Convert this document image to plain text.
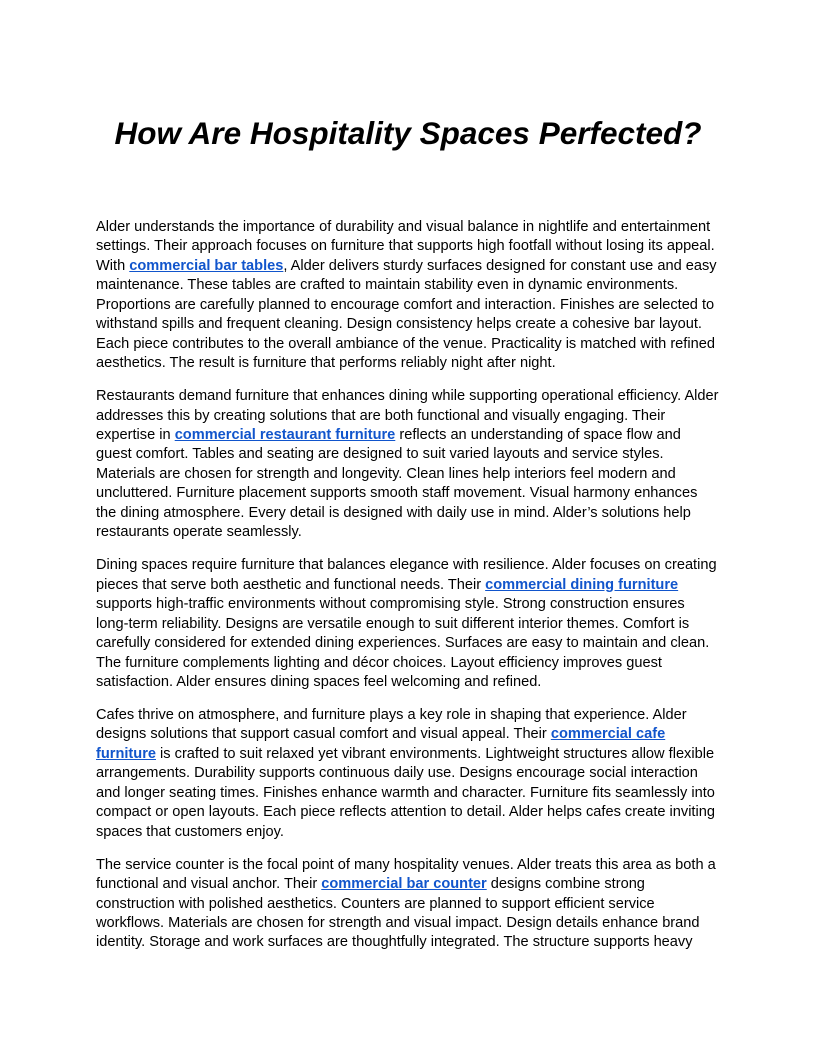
How Are Hospitality Spaces Perfected?

Alder understands the importance of durability and visual balance in nightlife and entertainment settings. Their approach focuses on furniture that supports high footfall without losing its appeal. With commercial bar tables, Alder delivers sturdy surfaces designed for constant use and easy maintenance. These tables are crafted to maintain stability even in dynamic environments. Proportions are carefully planned to encourage comfort and interaction. Finishes are selected to withstand spills and frequent cleaning. Design consistency helps create a cohesive bar layout. Each piece contributes to the overall ambiance of the venue. Practicality is matched with refined aesthetics. The result is furniture that performs reliably night after night.

Restaurants demand furniture that enhances dining while supporting operational efficiency. Alder addresses this by creating solutions that are both functional and visually engaging. Their expertise in commercial restaurant furniture reflects an understanding of space flow and guest comfort. Tables and seating are designed to suit varied layouts and service styles. Materials are chosen for strength and longevity. Clean lines help interiors feel modern and uncluttered. Furniture placement supports smooth staff movement. Visual harmony enhances the dining atmosphere. Every detail is designed with daily use in mind. Alder’s solutions help restaurants operate seamlessly.

Dining spaces require furniture that balances elegance with resilience. Alder focuses on creating pieces that serve both aesthetic and functional needs. Their commercial dining furniture supports high-traffic environments without compromising style. Strong construction ensures long-term reliability. Designs are versatile enough to suit different interior themes. Comfort is carefully considered for extended dining experiences. Surfaces are easy to maintain and clean. The furniture complements lighting and décor choices. Layout efficiency improves guest satisfaction. Alder ensures dining spaces feel welcoming and refined.

Cafes thrive on atmosphere, and furniture plays a key role in shaping that experience. Alder designs solutions that support casual comfort and visual appeal. Their commercial cafe furniture is crafted to suit relaxed yet vibrant environments. Lightweight structures allow flexible arrangements. Durability supports continuous daily use. Designs encourage social interaction and longer seating times. Finishes enhance warmth and character. Furniture fits seamlessly into compact or open layouts. Each piece reflects attention to detail. Alder helps cafes create inviting spaces that customers enjoy.

The service counter is the focal point of many hospitality venues. Alder treats this area as both a functional and visual anchor. Their commercial bar counter designs combine strong construction with polished aesthetics. Counters are planned to support efficient service workflows. Materials are chosen for strength and visual impact. Design details enhance brand identity. Storage and work surfaces are thoughtfully integrated. The structure supports heavy
